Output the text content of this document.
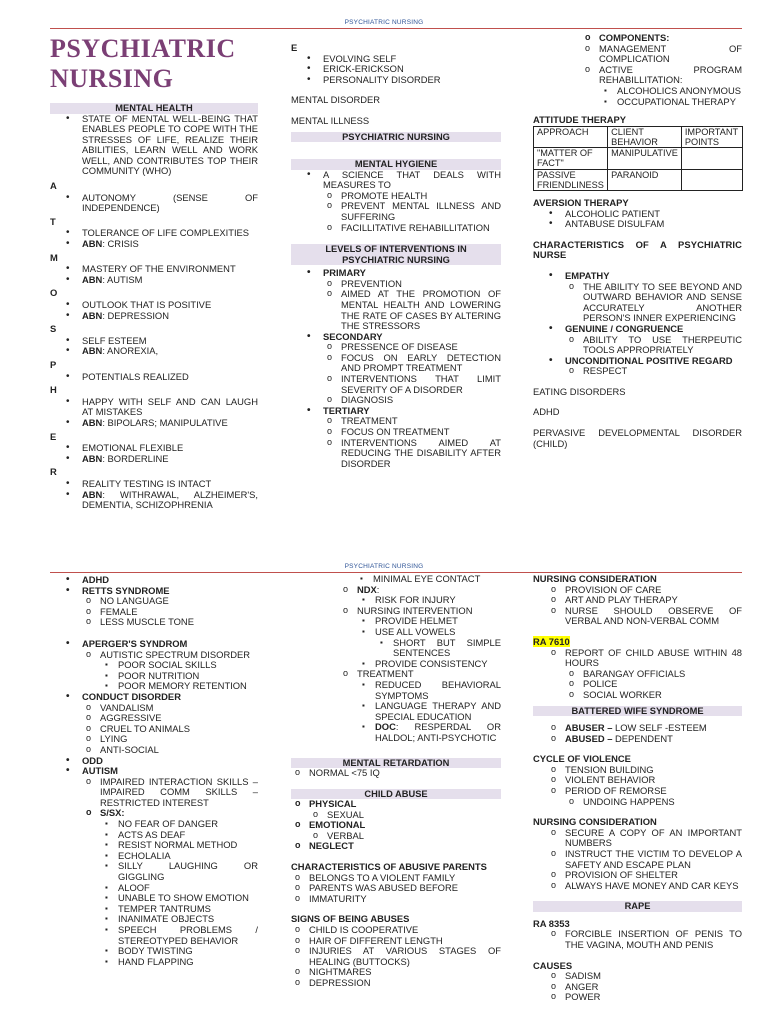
PSYCHIATRIC NURSING
PSYCHIATRIC
NURSING
MENTAL HEALTH
• STATE OF MENTAL WELL-BEING THAT ENABLES PEOPLE TO COPE WITH THE STRESSES OF LIFE, REALIZE THEIR ABILITIES, LEARN WELL AND WORK WELL, AND CONTRIBUTES TOP THEIR COMMUNITY (WHO)
A
• AUTONOMY (SENSE OF INDEPENDENCE)
T
• TOLERANCE OF LIFE COMPLEXITIES
• ABN: CRISIS
M
• MASTERY OF THE ENVIRONMENT
• ABN: AUTISM
O
• OUTLOOK THAT IS POSITIVE
• ABN: DEPRESSION
S
• SELF ESTEEM
• ABN: ANOREXIA,
P
• POTENTIALS REALIZED
H
• HAPPY WITH SELF AND CAN LAUGH AT MISTAKES
• ABN: BIPOLARS; MANIPULATIVE
E
• EMOTIONAL FLEXIBLE
• ABN: BORDERLINE
R
• REALITY TESTING IS INTACT
• ABN: WITHRAWAL, ALZHEIMER'S, DEMENTIA, SCHIZOPHRENIA
E
• EVOLVING SELF
• ERICK-ERICKSON
• PERSONALITY DISORDER
MENTAL DISORDER
MENTAL ILLNESS
PSYCHIATRIC NURSING
MENTAL HYGIENE
• A SCIENCE THAT DEALS WITH MEASURES TO
o PROMOTE HEALTH
o PREVENT MENTAL ILLNESS AND SUFFERING
o FACILLITATIVE REHABILLITATION
LEVELS OF INTERVENTIONS IN PSYCHIATRIC NURSING
• PRIMARY
o PREVENTION
o AIMED AT THE PROMOTION OF MENTAL HEALTH AND LOWERING THE RATE OF CASES BY ALTERING THE STRESSORS
• SECONDARY
o PRESSENCE OF DISEASE
o FOCUS ON EARLY DETECTION AND PROMPT TREATMENT
o INTERVENTIONS THAT LIMIT SEVERITY OF A DISORDER
o DIAGNOSIS
• TERTIARY
o TREATMENT
o FOCUS ON TREATMENT
o INTERVENTIONS AIMED AT REDUCING THE DISABILITY AFTER DISORDER
o COMPONENTS:
o MANAGEMENT OF COMPLICATION
o ACTIVE PROGRAM REHABILLITATION:
▪ ALCOHOLICS ANONYMOUS
▪ OCCUPATIONAL THERAPY
ATTITUDE THERAPY
APPROACH	CLIENT BEHAVIOR	IMPORTANT POINTS
"MATTER OF FACT"	MANIPULATIVE	
PASSIVE FRIENDLINESS	PARANOID	
AVERSION THERAPY
• ALCOHOLIC PATIENT
• ANTABUSE DISULFAM
CHARACTERISTICS OF A PSYCHIATRIC NURSE
• EMPATHY
o THE ABILITY TO SEE BEYOND AND OUTWARD BEHAVIOR AND SENSE ACCURATELY ANOTHER PERSON'S INNER EXPERIENCING
• GENUINE / CONGRUENCE
o ABILITY TO USE THERPEUTIC TOOLS APPROPRIATELY
• UNCONDITIONAL POSITIVE REGARD
o RESPECT
EATING DISORDERS
ADHD
PERVASIVE DEVELOPMENTAL DISORDER (CHILD)
PSYCHIATRIC NURSING
• ADHD
• RETTS SYNDROME
o NO LANGUAGE
o FEMALE
o LESS MUSCLE TONE
• APERGER'S SYNDROM
o AUTISTIC SPECTRUM DISORDER
▪ POOR SOCIAL SKILLS
▪ POOR NUTRITION
▪ POOR MEMORY RETENTION
• CONDUCT DISORDER
o VANDALISM
o AGGRESSIVE
o CRUEL TO ANIMALS
o LYING
o ANTI-SOCIAL
• ODD
• AUTISM
o IMPAIRED INTERACTION SKILLS – IMPAIRED COMM SKILLS – RESTRICTED INTEREST
o S/SX:
▪ NO FEAR OF DANGER
▪ ACTS AS DEAF
▪ RESIST NORMAL METHOD
▪ ECHOLALIA
▪ SILLY LAUGHING OR GIGGLING
▪ ALOOF
▪ UNABLE TO SHOW EMOTION
▪ TEMPER TANTRUMS
▪ INANIMATE OBJECTS
▪ SPEECH PROBLEMS / STEREOTYPED BEHAVIOR
▪ BODY TWISTING
▪ HAND FLAPPING
▪ MINIMAL EYE CONTACT
o NDX:
▪ RISK FOR INJURY
o NURSING INTERVENTION
▪ PROVIDE HELMET
▪ USE ALL VOWELS
▪ SHORT BUT SIMPLE SENTENCES
▪ PROVIDE CONSISTENCY
o TREATMENT
▪ REDUCED BEHAVIORAL SYMPTOMS
▪ LANGUAGE THERAPY AND SPECIAL EDUCATION
▪ DOC: RESPERDAL OR HALDOL; ANTI-PSYCHOTIC
MENTAL RETARDATION
o NORMAL <75 IQ
CHILD ABUSE
o PHYSICAL
o SEXUAL
o EMOTIONAL
o VERBAL
o NEGLECT
CHARACTERISTICS OF ABUSIVE PARENTS
o BELONGS TO A VIOLENT FAMILY
o PARENTS WAS ABUSED BEFORE
o IMMATURITY
SIGNS OF BEING ABUSES
o CHILD IS COOPERATIVE
o HAIR OF DIFFERENT LENGTH
o INJURIES AT VARIOUS STAGES OF HEALING (BUTTOCKS)
o NIGHTMARES
o DEPRESSION
NURSING CONSIDERATION
o PROVISION OF CARE
o ART AND PLAY THERAPY
o NURSE SHOULD OBSERVE OF VERBAL AND NON-VERBAL COMM
RA 7610
o REPORT OF CHILD ABUSE WITHIN 48 HOURS
o BARANGAY OFFICIALS
o POLICE
o SOCIAL WORKER
BATTERED WIFE SYNDROME
o ABUSER – LOW SELF -ESTEEM
o ABUSED – DEPENDENT
CYCLE OF VIOLENCE
o TENSION BUILDING
o VIOLENT BEHAVIOR
o PERIOD OF REMORSE
o UNDOING HAPPENS
NURSING CONSIDERATION
o SECURE A COPY OF AN IMPORTANT NUMBERS
o INSTRUCT THE VICTIM TO DEVELOP A SAFETY AND ESCAPE PLAN
o PROVISION OF SHELTER
o ALWAYS HAVE MONEY AND CAR KEYS
RAPE
RA 8353
o FORCIBLE INSERTION OF PENIS TO THE VAGINA, MOUTH AND PENIS
CAUSES
o SADISM
o ANGER
o POWER
